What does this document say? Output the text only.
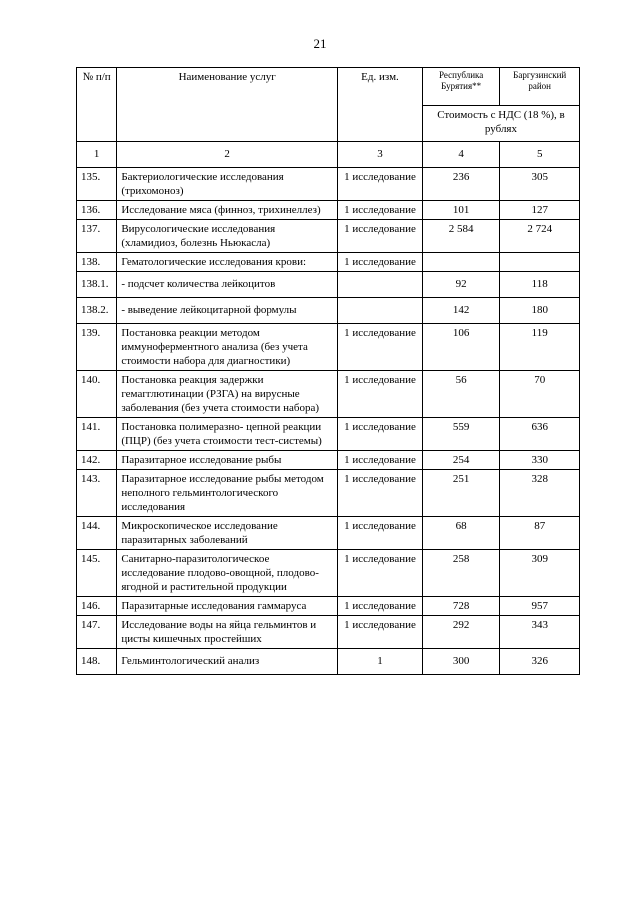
21
№ п/п	Наименование услуг	Ед. изм.	Республика Бурятия**	Баргузинский район
			Стоимость с НДС (18 %), в рублях	
1	2	3	4	5
135.	Бактериологические исследования (трихомоноз)	1 исследование	236	305
136.	Исследование мяса (финноз, трихинеллез)	1 исследование	101	127
137.	Вирусологические исследования (хламидиоз, болезнь Ньюкасла)	1 исследование	2 584	2 724
138.	Гематологические исследования крови:	1 исследование		
138.1.	- подсчет количества лейкоцитов		92	118
138.2.	- выведение лейкоцитарной формулы		142	180
139.	Постановка реакции методом иммуноферментного анализа (без учета стоимости набора для диагностики)	1 исследование	106	119
140.	Постановка реакция задержки гемагглютинации (РЗГА) на вирусные заболевания (без учета стоимости набора)	1 исследование	56	70
141.	Постановка полимеразно- цепной реакции (ПЦР) (без учета стоимости тест-системы)	1 исследование	559	636
142.	Паразитарное исследование рыбы	1 исследование	254	330
143.	Паразитарное исследование рыбы методом неполного гельминтологического исследования	1 исследование	251	328
144.	Микроскопическое исследование паразитарных заболеваний	1 исследование	68	87
145.	Санитарно-паразитологическое исследование плодово-овощной, плодово-ягодной и растительной продукции	1 исследование	258	309
146.	Паразитарные исследования гаммаруса	1 исследование	728	957
147.	Исследование воды на яйца гельминтов и цисты кишечных простейших	1 исследование	292	343
148.	Гельминтологический анализ	1	300	326
